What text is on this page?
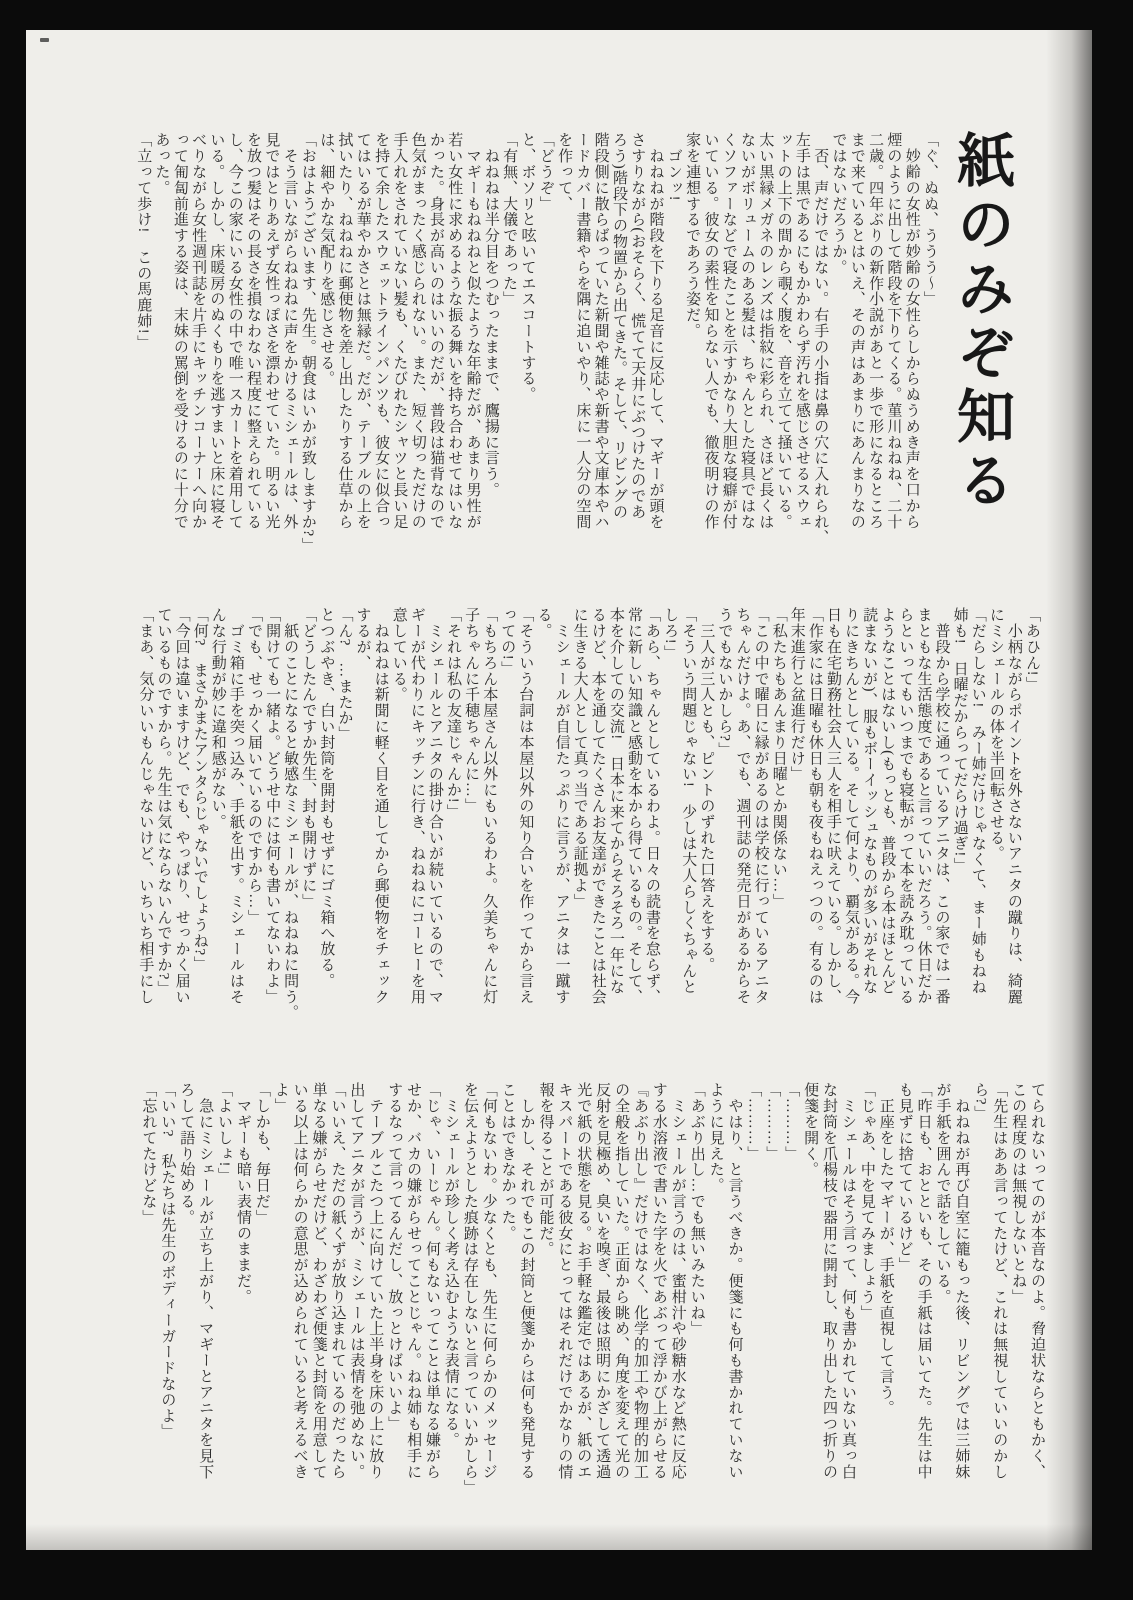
紙のみぞ知る

「ぐ、ぬぬ、ううう〜」

　妙齢の女性が妙齢の女性らしからぬうめき声を口から

煙のように出して階段を下りてくる。菫川ねねね、二十

二歳。四年ぶりの新作小説があと一歩で形になるところ

まで来ているとはいえ、その声はあまりにあんまりなの

ではないだろうか。

　否、声だけではない。右手の小指は鼻の穴に入れられ、

左手は黒であるにもかかわらず汚れを感じさせるスウェ

ットの上下の間から覗く腹を、音を立てて掻いている。

太い黒縁メガネのレンズは指紋に彩られ、さほど長くは

ないがボリュームのある髪は、ちゃんとした寝具ではな

くソファーなどで寝たことを示すかなり大胆な寝癖が付

いている。彼女の素性を知らない人でも、徹夜明けの作

家を連想するであろう姿だ。

　ゴンッ!

　ねねねが階段を下りる足音に反応して、マギーが頭を

さすりながら(おそらく、慌てて天井にぶつけたのであ

ろう)階段下の物置から出てきた。そして、リビングの

階段側に散らばっていた新聞や雑誌や新書や文庫本やハ

ードカバー書籍やらを隅に追いやり、床に一人分の空間

を作って、

「どうぞ」

と、ボソリと呟いてエスコートする。

「有無、大儀であった」

　ねねねは半分目をつむったままで、鷹揚に言う。

　マギーもねねねと似たような年齢だが、あまり男性が

若い女性に求めるような振る舞いを持ち合わせてはいな

かった。身長が高いのはいいのだが、普段は猫背なので

色気がまったく感じられない。また、短く切っただけの

手入れをされていない髪も、くたびれたシャツと長い足

を持て余したスウェットラインパンツも、彼女に似合っ

てはいるが華やかさとは無縁だ。だが、テーブルの上を

拭いたり、ねねねに郵便物を差し出したりする仕草から

は、細やかな気配りを感じさせる。

「おはようございます、先生。朝食はいかが致しますか?」

　そう言いながらねねねに声をかけるミシェールは、外

見ではとりあえず女性っぽさを漂わせていた。明るい光

を放つ髪はその長さを損なわない程度に整えられている

し、今この家にいる女性の中で唯一スカートを着用して

いる。しかし、床暖房のぬくもりを逃すまいと床に寝そ

べりながら女性週刊誌を片手にキッチンコーナーへ向か

って匍匐前進する姿は、末妹の罵倒を受けるのに十分で

あった。

「立って歩け!　この馬鹿姉!」

「あひん!」

　小柄ながらポイントを外さないアニタの蹴りは、綺麗

にミシェールの体を半回転させる。

「だらしない!　みー姉だけじゃなくて、まー姉もねね

姉も!　日曜だからってだらけ過ぎ!」

　普段から学校に通っているアニタは、この家では一番

まともな生活態度であると言っていいだろう。休日だか

らといってもいつまでも寝転がって本を読み耽っている

ようなことはないし(もっとも、普段から本はほとんど

読まないが)、服もボーイッシュなものが多いがそれな

りにきちんとしている。そして何より、覇気がある。今

日も在宅勤務社会人三人を相手に吠えている。しかし、

「作家には日曜も休日も朝も夜もねえっつの。有るのは

年末進行と盆進行だけ」

「私たちもあんまり日曜とか関係ない…」

「この中で曜日に縁があるのは学校に行っているアニタ

ちゃんだけよ。あ、でも、週刊誌の発売日があるからそ

うでもないかしら?」

　三人が三人とも、ピントのずれた口答えをする。

「そういう問題じゃない!　少しは大人らしくちゃんと

しろ!」

「あら、ちゃんとしているわよ。日々の読書を怠らず、

常に新しい知識と感動を本から得ているもの。そして、

本を介しての交流!　日本に来てからそろそろ一年にな

るけど、本を通してたくさんお友達ができたことは社会

に生きる大人として真っ当である証拠よ」

　ミシェールが自信たっぷりに言うが、アニタは一蹴す

る。

「そういう台詞は本屋以外の知り合いを作ってから言え

っての!」

「もちろん本屋さん以外にもいるわよ。久美ちゃんに灯

子ちゃんに千穂ちゃんに…」

「それは私の友達じゃんか!」

　ミシェールとアニタの掛け合いが続いているので、マ

ギーが代わりにキッチンに行き、ねねねにコーヒーを用

意している。

　ねねねは新聞に軽く目を通してから郵便物をチェック

するが、

「ん?　…またか」

とつぶやき、白い封筒を開封もせずにゴミ箱へ放る。

「どうしたんですか先生、封も開けずに」

　紙のことになると敏感なミシェールが、ねねねに問う。

「開けても一緒よ。どうせ中には何も書いてないわよ」

「でも、せっかく届いているのですから…」

　ゴミ箱に手を突っ込み、手紙を出す。ミシェールはそ

んな行動が妙に違和感がない。

「何?　まさかまたアンタらじゃないでしょうね?」

「今回は違いますけど、でも、やっぱり、せっかく届い

ているものですから。先生は気にならないんですか?」

「まあ、気分いいもんじゃないけど、いちいち相手にし

てられないってのが本音なのよ。脅迫状ならともかく、

この程度のは無視しないとね」

「先生はああ言ってたけど、これは無視していいのかし

ら?」

　ねねねが再び自室に籠もった後、リビングでは三姉妹

が手紙を囲んで話をしている。

「昨日も、おとといも、その手紙は届いてた。先生は中

も見ずに捨てているけど」

　正座をしたマギーが、手紙を直視して言う。

「じゃあ、中を見てみましょう」

　ミシェールはそう言って、何も書かれていない真っ白

な封筒を爪楊枝で器用に開封し、取り出した四つ折りの

便箋を開く。

「………」

「………」

「………」

　やはり、と言うべきか。便箋にも何も書かれていない

ように見えた。

「あぶり出し…でも無いみたいね」

　ミシェールが言うのは、蜜柑汁や砂糖水など熱に反応

する水溶液で書いた字を火であぶって浮かび上がらせる

『あぶり出し』だけではなく、化学的加工や物理的加工

の全般を指していた。正面から眺め、角度を変えて光の

反射を見極め、臭いを嗅ぎ、最後は照明にかざして透過

光で紙の状態を見る。お手軽な鑑定ではあるが、紙のエ

キスパートである彼女にとってはそれだけでかなりの情

報を得ることが可能だ。

　しかし、それでもこの封筒と便箋からは何も発見する

ことはできなかった。

「何もないわ。少なくとも、先生に何らかのメッセージ

を伝えようとした痕跡は存在しないと言っていいかしら」

　ミシェールが珍しく考え込むような表情になる。

「じゃ、いーじゃん。何もないってことは単なる嫌がら

せか、バカの嫌がらせってことじゃん。ねね姉も相手に

するなって言ってるんだし、放っとけばいいよ」

　テーブルこたつ上に向けていた上半身を床の上に放り

出してアニタが言うが、ミシェールは表情を弛めない。

「いいえ、ただの紙くずが放り込まれているのだったら

単なる嫌がらせだけど、わざわざ便箋と封筒を用意して

いる以上は何らかの意思が込められていると考えるべき

よ」

「しかも、毎日だ」

　マギーも暗い表情のままだ。

「よいしょ!」

　急にミシェールが立ち上がり、マギーとアニタを見下

ろして語り始める。

「いい?　私たちは先生のボディーガードなのよ」

「忘れてたけどな」
